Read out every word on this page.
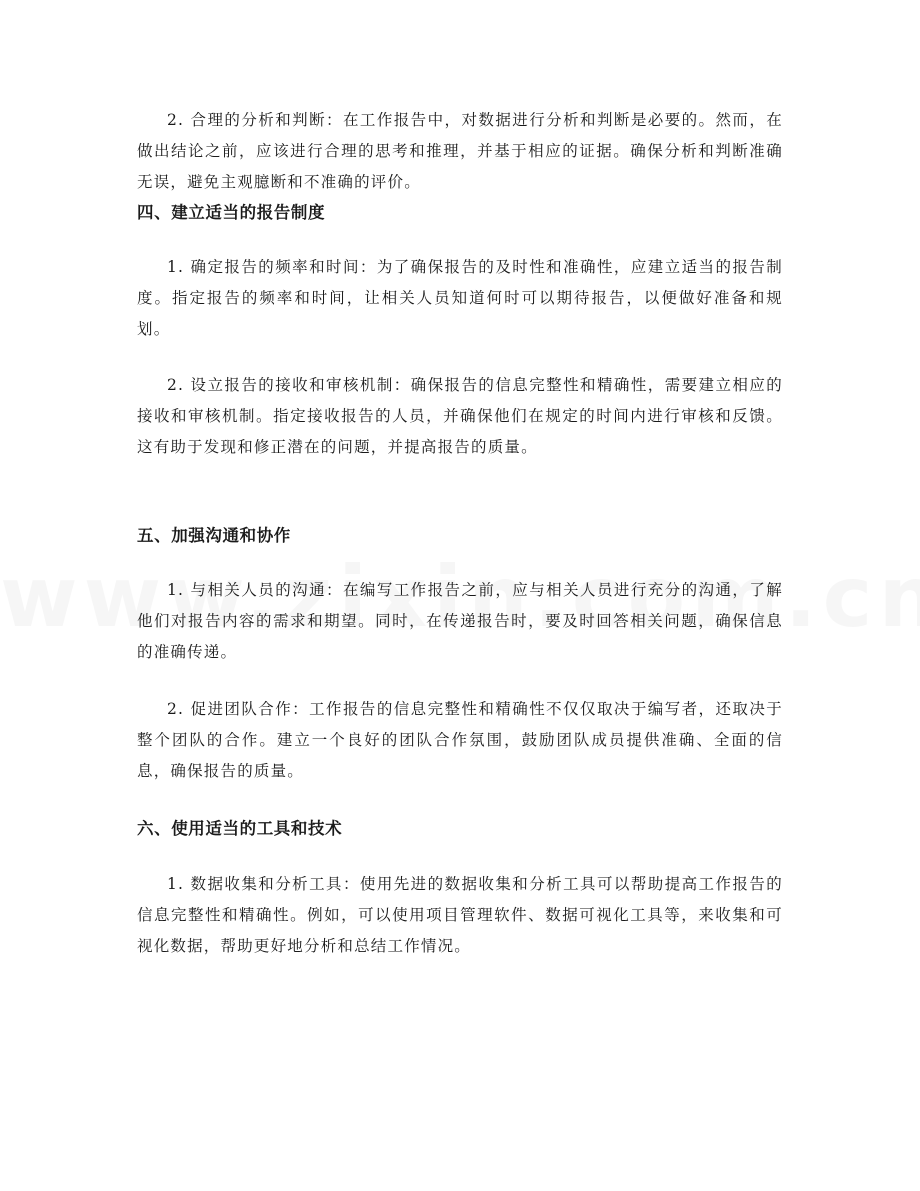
2. 合理的分析和判断：在工作报告中，对数据进行分析和判断是必要的。然而，在做出结论之前，应该进行合理的思考和推理，并基于相应的证据。确保分析和判断准确无误，避免主观臆断和不准确的评价。

四、建立适当的报告制度

1. 确定报告的频率和时间：为了确保报告的及时性和准确性，应建立适当的报告制度。指定报告的频率和时间，让相关人员知道何时可以期待报告，以便做好准备和规划。

2. 设立报告的接收和审核机制：确保报告的信息完整性和精确性，需要建立相应的接收和审核机制。指定接收报告的人员，并确保他们在规定的时间内进行审核和反馈。这有助于发现和修正潜在的问题，并提高报告的质量。

五、加强沟通和协作

1. 与相关人员的沟通：在编写工作报告之前，应与相关人员进行充分的沟通，了解他们对报告内容的需求和期望。同时，在传递报告时，要及时回答相关问题，确保信息的准确传递。

2. 促进团队合作：工作报告的信息完整性和精确性不仅仅取决于编写者，还取决于整个团队的合作。建立一个良好的团队合作氛围，鼓励团队成员提供准确、全面的信息，确保报告的质量。

六、使用适当的工具和技术

1. 数据收集和分析工具：使用先进的数据收集和分析工具可以帮助提高工作报告的信息完整性和精确性。例如，可以使用项目管理软件、数据可视化工具等，来收集和可视化数据，帮助更好地分析和总结工作情况。
